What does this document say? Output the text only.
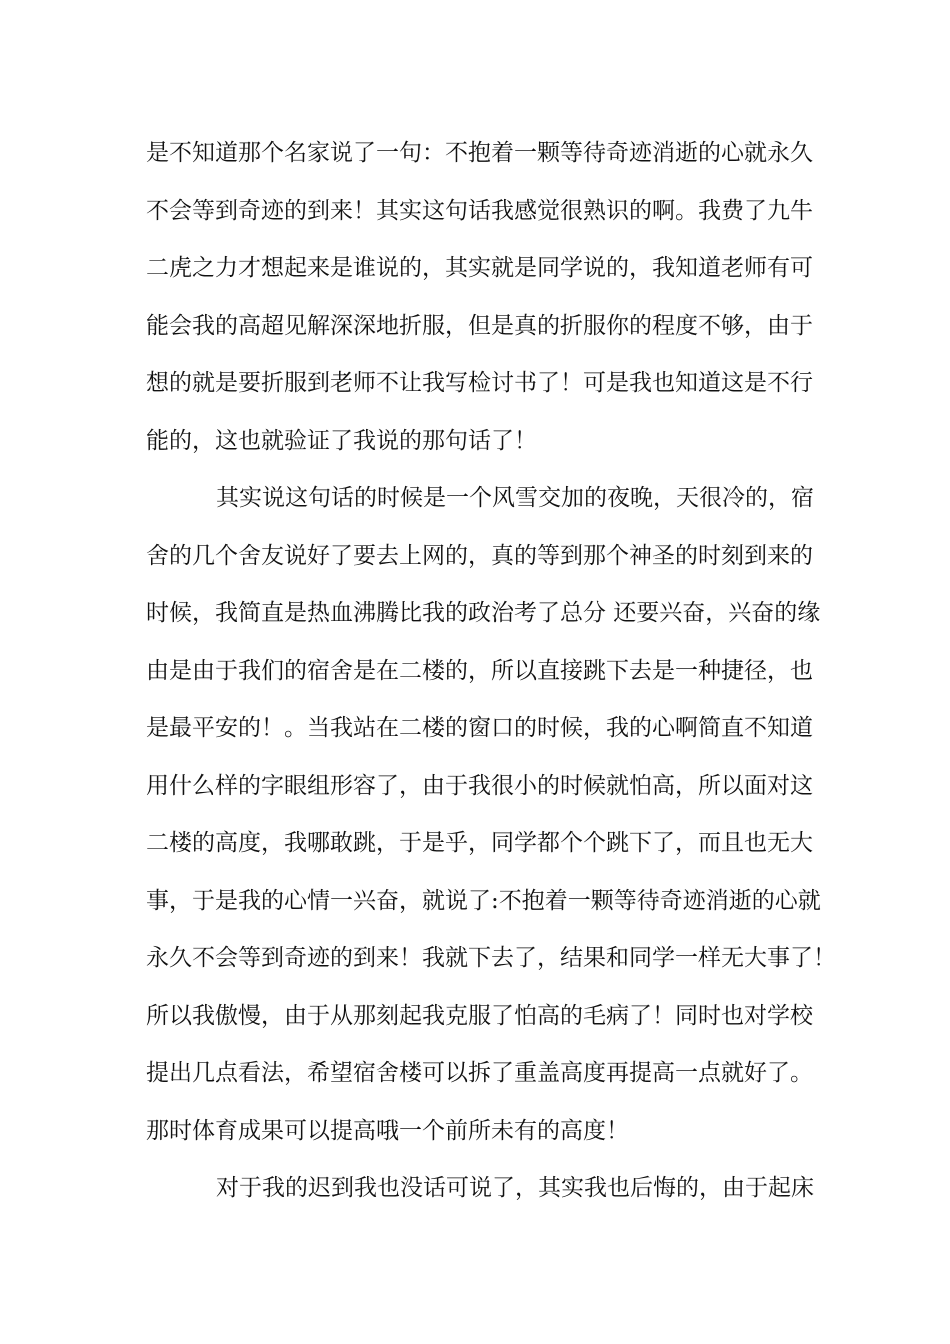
是不知道那个名家说了一句：不抱着一颗等待奇迹消逝的心就永久
不会等到奇迹的到来！其实这句话我感觉很熟识的啊。我费了九牛
二虎之力才想起来是谁说的，其实就是同学说的，我知道老师有可
能会我的高超见解深深地折服，但是真的折服你的程度不够，由于
想的就是要折服到老师不让我写检讨书了！可是我也知道这是不行
能的，这也就验证了我说的那句话了！
其实说这句话的时候是一个风雪交加的夜晚，天很冷的，宿
舍的几个舍友说好了要去上网的，真的等到那个神圣的时刻到来的
时候，我简直是热血沸腾比我的政治考了总分 还要兴奋，兴奋的缘
由是由于我们的宿舍是在二楼的，所以直接跳下去是一种捷径，也
是最平安的！。当我站在二楼的窗口的时候，我的心啊简直不知道
用什么样的字眼组形容了，由于我很小的时候就怕高，所以面对这
二楼的高度，我哪敢跳，于是乎，同学都个个跳下了，而且也无大
事，于是我的心情一兴奋，就说了:不抱着一颗等待奇迹消逝的心就
永久不会等到奇迹的到来！我就下去了，结果和同学一样无大事了！
所以我傲慢，由于从那刻起我克服了怕高的毛病了！同时也对学校
提出几点看法，希望宿舍楼可以拆了重盖高度再提高一点就好了。
那时体育成果可以提高哦一个前所未有的高度！
对于我的迟到我也没话可说了，其实我也后悔的，由于起床
